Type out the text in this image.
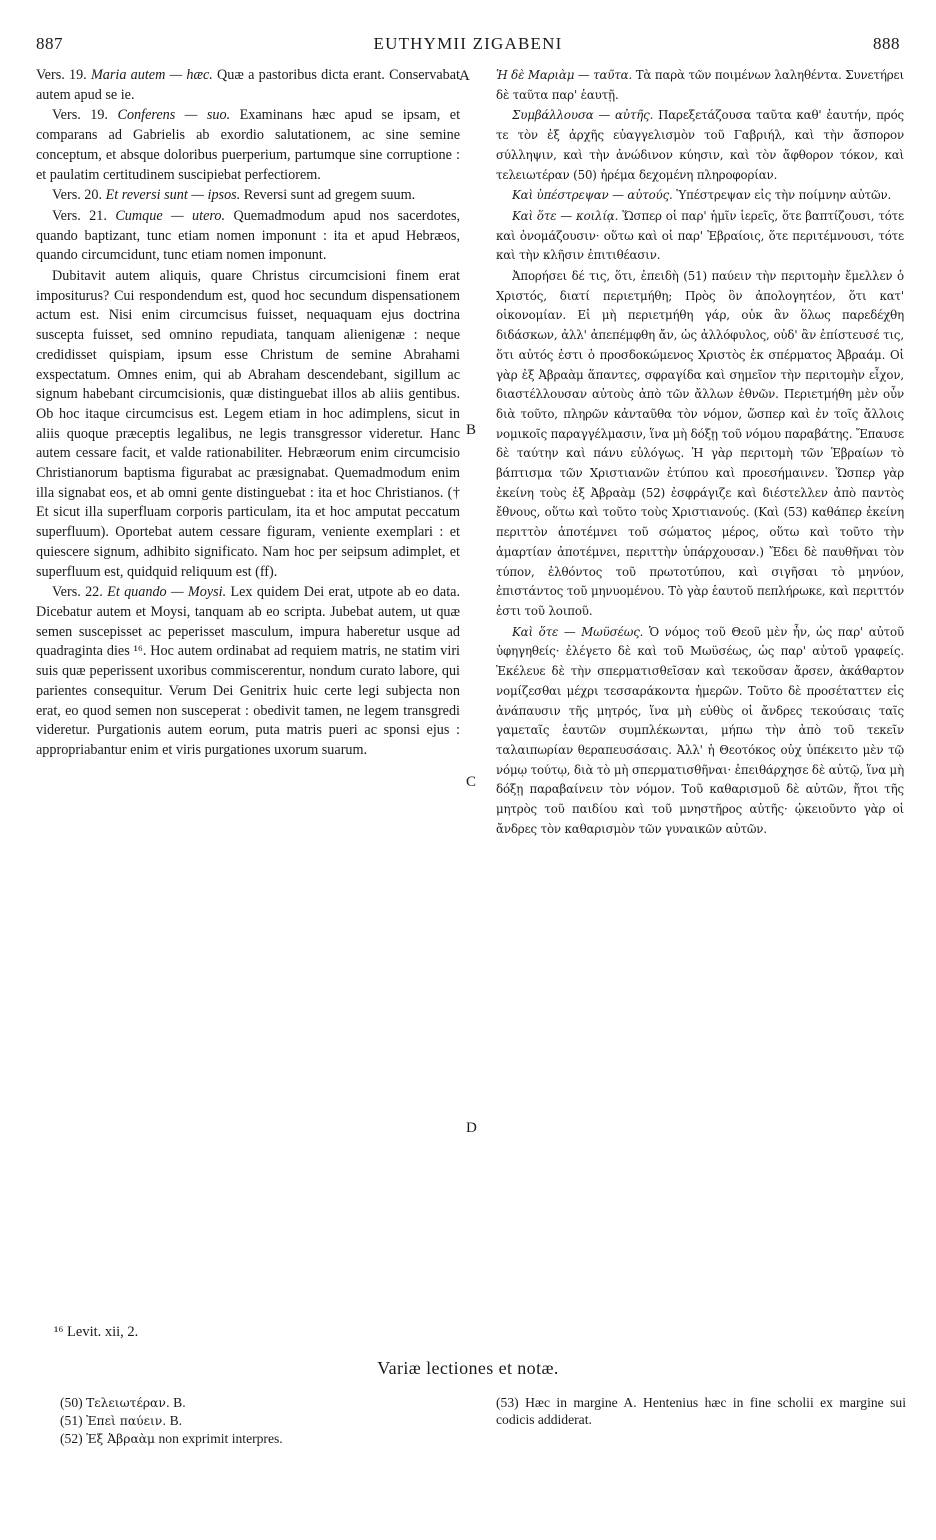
887	EUTHYMII ZIGABENI	888

Vers. 19. Maria autem — hæc. Quæ a pastoribus dicta erant. Conservabat autem apud se ie.

Vers. 19. Conferens — suo. Examinans hæc apud se ipsam, et comparans ad Gabrielis ab exordio salutationem, ac sine semine conceptum, et absque doloribus puerperium, partumque sine corruptione : et paulatim certitudinem suscipiebat perfectiorem.

Vers. 20. Et reversi sunt — ipsos. Reversi sunt ad gregem suum.

Vers. 21. Cumque — utero. Quemadmodum apud nos sacerdotes, quando baptizant, tunc etiam nomen imponunt : ita et apud Hebræos, quando circumcidunt, tunc etiam nomen imponunt.

Dubitavit autem aliquis, quare Christus circumcisioni finem erat impositurus? Cui respondendum est, quod hoc secundum dispensationem actum est. Nisi enim circumcisus fuisset, nequaquam ejus doctrina suscepta fuisset, sed omnino repudiata, tanquam alienigenæ : neque credidisset quispiam, ipsum esse Christum de semine Abrahami exspectatum. Omnes enim, qui ab Abraham descendebant, sigillum ac signum habebant circumcisionis, quæ distinguebat illos ab aliis gentibus. Ob hoc itaque circumcisus est. Legem etiam in hoc adimplens, sicut in aliis quoque præceptis legalibus, ne legis transgressor videretur. Hanc autem cessare facit, et valde rationabiliter. Hebræorum enim circumcisio Christianorum baptisma figurabat ac præsignabat. Quemadmodum enim illa signabat eos, et ab omni gente distinguebat : ita et hoc Christianos. († Et sicut illa superfluam corporis particulam, ita et hoc amputat peccatum superfluum). Oportebat autem cessare figuram, veniente exemplari : et quiescere signum, adhibito significato. Nam hoc per seipsum adimplet, et superfluum est, quidquid reliquum est (ff).

Vers. 22. Et quando — Moysi. Lex quidem Dei erat, utpote ab eo data. Dicebatur autem et Moysi, tanquam ab eo scripta. Jubebat autem, ut quæ semen suscepisset ac peperisset masculum, impura haberetur usque ad quadraginta dies ¹⁶. Hoc autem ordinabat ad requiem matris, ne statim viri suis quæ peperissent uxoribus commiscerentur, nondum curato labore, qui parientes consequitur. Verum Dei Genitrix huic certe legi subjecta non erat, eo quod semen non susceperat : obedivit tamen, ne legem transgredi videretur. Purgationis autem eorum, puta matris pueri ac sponsi ejus : appropriabantur enim et viris purgationes uxorum suarum.

A
B
C
D

Ἡ δὲ Μαριὰμ — ταῦτα. Τὰ παρὰ τῶν ποιμένων λαληθέντα. Συνετήρει δὲ ταῦτα παρ' ἑαυτῇ.

Συμβάλλουσα — αὐτῆς. Παρεξετάζουσα ταῦτα καθ' ἑαυτήν, πρός τε τὸν ἐξ ἀρχῆς εὐαγγελισμὸν τοῦ Γαβριήλ, καὶ τὴν ἄσπορον σύλληψιν, καὶ τὴν ἀνώδινον κύησιν, καὶ τὸν ἄφθορον τόκον, καὶ τελειωτέραν (50) ἠρέμα δεχομένη πληροφορίαν.

Καὶ ὑπέστρεψαν — αὐτούς. Ὑπέστρεψαν εἰς τὴν ποίμνην αὐτῶν.

Καὶ ὅτε — κοιλίᾳ. Ὥσπερ οἱ παρ' ἡμῖν ἱερεῖς, ὅτε βαπτίζουσι, τότε καὶ ὀνομάζουσιν· οὕτω καὶ οἱ παρ' Ἑβραίοις, ὅτε περιτέμνουσι, τότε καὶ τὴν κλῆσιν ἐπιτιθέασιν.

Ἀπορήσει δέ τις, ὅτι, ἐπειδὴ (51) παύειν τὴν περιτομὴν ἔμελλεν ὁ Χριστός, διατί περιετμήθη; Πρὸς ὃν ἀπολογητέον, ὅτι κατ' οἰκονομίαν. Εἰ μὴ περιετμήθη γάρ, οὐκ ἂν ὅλως παρεδέχθη διδάσκων, ἀλλ' ἀπεπέμφθη ἄν, ὡς ἀλλόφυλος, οὐδ' ἂν ἐπίστευσέ τις, ὅτι αὐτός ἐστι ὁ προσδοκώμενος Χριστὸς ἐκ σπέρματος Ἀβραάμ. Οἱ γὰρ ἐξ Ἀβραὰμ ἅπαντες, σφραγίδα καὶ σημεῖον τὴν περιτομὴν εἶχον, διαστέλλουσαν αὐτοὺς ἀπὸ τῶν ἄλλων ἐθνῶν. Περιετμήθη μὲν οὖν διὰ τοῦτο, πληρῶν κἀνταῦθα τὸν νόμον, ὥσπερ καὶ ἐν τοῖς ἄλλοις νομικοῖς παραγγέλμασιν, ἵνα μὴ δόξῃ τοῦ νόμου παραβάτης. Ἔπαυσε δὲ ταύτην καὶ πάνυ εὐλόγως. Ἡ γὰρ περιτομὴ τῶν Ἑβραίων τὸ βάπτισμα τῶν Χριστιανῶν ἐτύπου καὶ προεσήμαινεν. Ὥσπερ γὰρ ἐκείνη τοὺς ἐξ Ἀβραὰμ (52) ἐσφράγιζε καὶ διέστελλεν ἀπὸ παντὸς ἔθνους, οὕτω καὶ τοῦτο τοὺς Χριστιανούς. (Καὶ (53) καθάπερ ἐκείνη περιττὸν ἀποτέμνει τοῦ σώματος μέρος, οὕτω καὶ τοῦτο τὴν ἁμαρτίαν ἀποτέμνει, περιττὴν ὑπάρχουσαν.) Ἔδει δὲ παυθῆναι τὸν τύπον, ἐλθόντος τοῦ πρωτοτύπου, καὶ σιγῆσαι τὸ μηνύον, ἐπιστάντος τοῦ μηνυομένου. Τὸ γὰρ ἑαυτοῦ πεπλήρωκε, καὶ περιττόν ἐστι τοῦ λοιποῦ.

Καὶ ὅτε — Μωϋσέως. Ὁ νόμος τοῦ Θεοῦ μὲν ἦν, ὡς παρ' αὐτοῦ ὑφηγηθείς· ἐλέγετο δὲ καὶ τοῦ Μωϋσέως, ὡς παρ' αὐτοῦ γραφείς. Ἐκέλευε δὲ τὴν σπερματισθεῖσαν καὶ τεκοῦσαν ἄρσεν, ἀκάθαρτον νομίζεσθαι μέχρι τεσσαράκοντα ἡμερῶν. Τοῦτο δὲ προσέταττεν εἰς ἀνάπαυσιν τῆς μητρός, ἵνα μὴ εὐθὺς οἱ ἄνδρες τεκούσαις ταῖς γαμεταῖς ἑαυτῶν συμπλέκωνται, μήπω τὴν ἀπὸ τοῦ τεκεῖν ταλαιπωρίαν θεραπευσάσαις. Ἀλλ' ἡ Θεοτόκος οὐχ ὑπέκειτο μὲν τῷ νόμῳ τούτῳ, διὰ τὸ μὴ σπερματισθῆναι· ἐπειθάρχησε δὲ αὐτῷ, ἵνα μὴ δόξῃ παραβαίνειν τὸν νόμον. Τοῦ καθαρισμοῦ δὲ αὐτῶν, ἤτοι τῆς μητρὸς τοῦ παιδίου καὶ τοῦ μνηστῆρος αὐτῆς· ᾠκειοῦντο γὰρ οἱ ἄνδρες τὸν καθαρισμὸν τῶν γυναικῶν αὐτῶν.

¹⁶ Levit. xii, 2.
Variæ lectiones et notæ.
(50) Τελειωτέραν. B.
(51) Ἐπεὶ παύειν. B.
(52) Ἐξ Ἀβραὰμ non exprimit interpres.
(53) Hæc in margine A. Hentenius hæc in fine scholii ex margine sui codicis addiderat.
